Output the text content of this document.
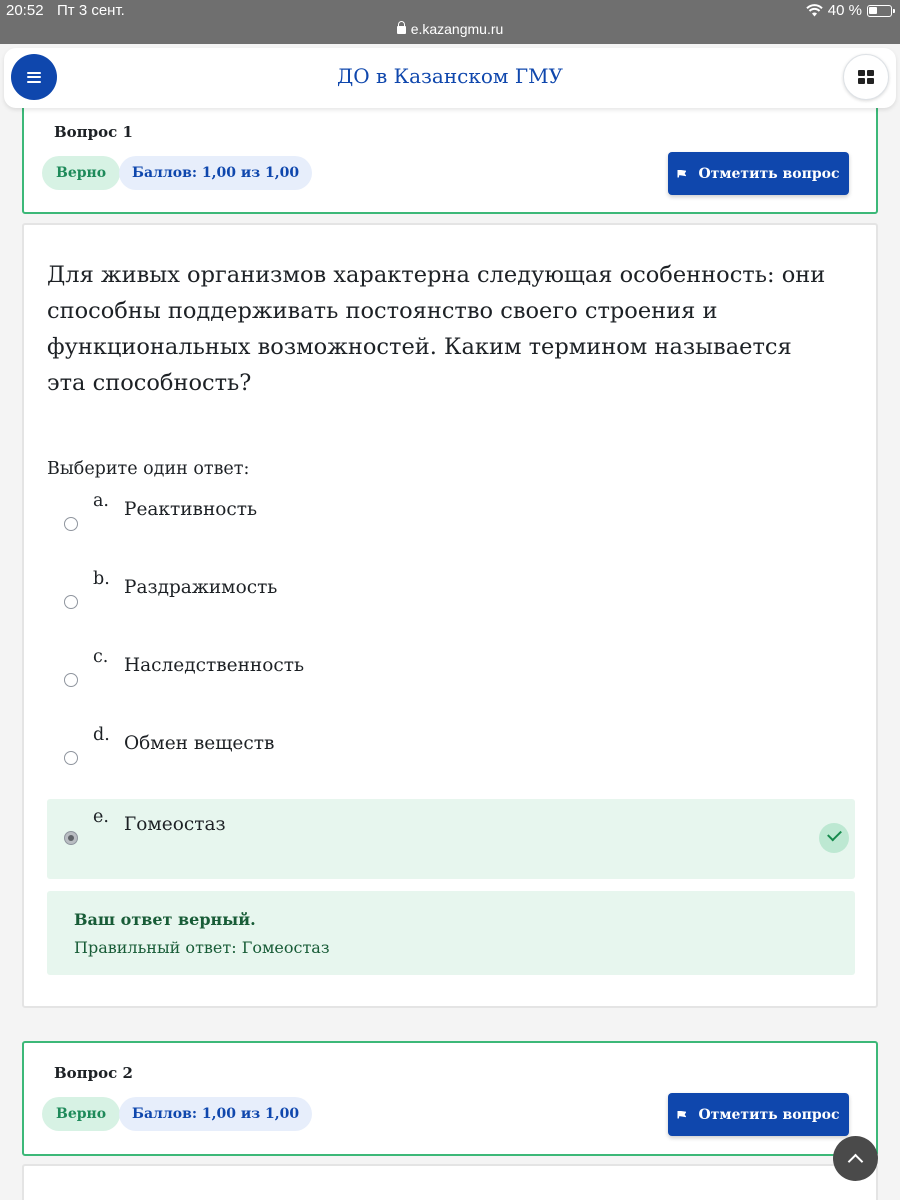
20:52 Пт 3 сент.
e.kazangmu.ru
40 %
ДО в Казанском ГМУ
Вопрос 1
Верно	Баллов: 1,00 из 1,00	Отметить вопрос
Для живых организмов характерна следующая особенность: они способны поддерживать постоянство своего строения и функциональных возможностей. Каким термином называется эта способность?
Выберите один ответ:
a. Реактивность
b. Раздражимость
c. Наследственность
d. Обмен веществ
e. Гомеостаз
Ваш ответ верный.
Правильный ответ: Гомеостаз
Вопрос 2
Верно	Баллов: 1,00 из 1,00	Отметить вопрос
